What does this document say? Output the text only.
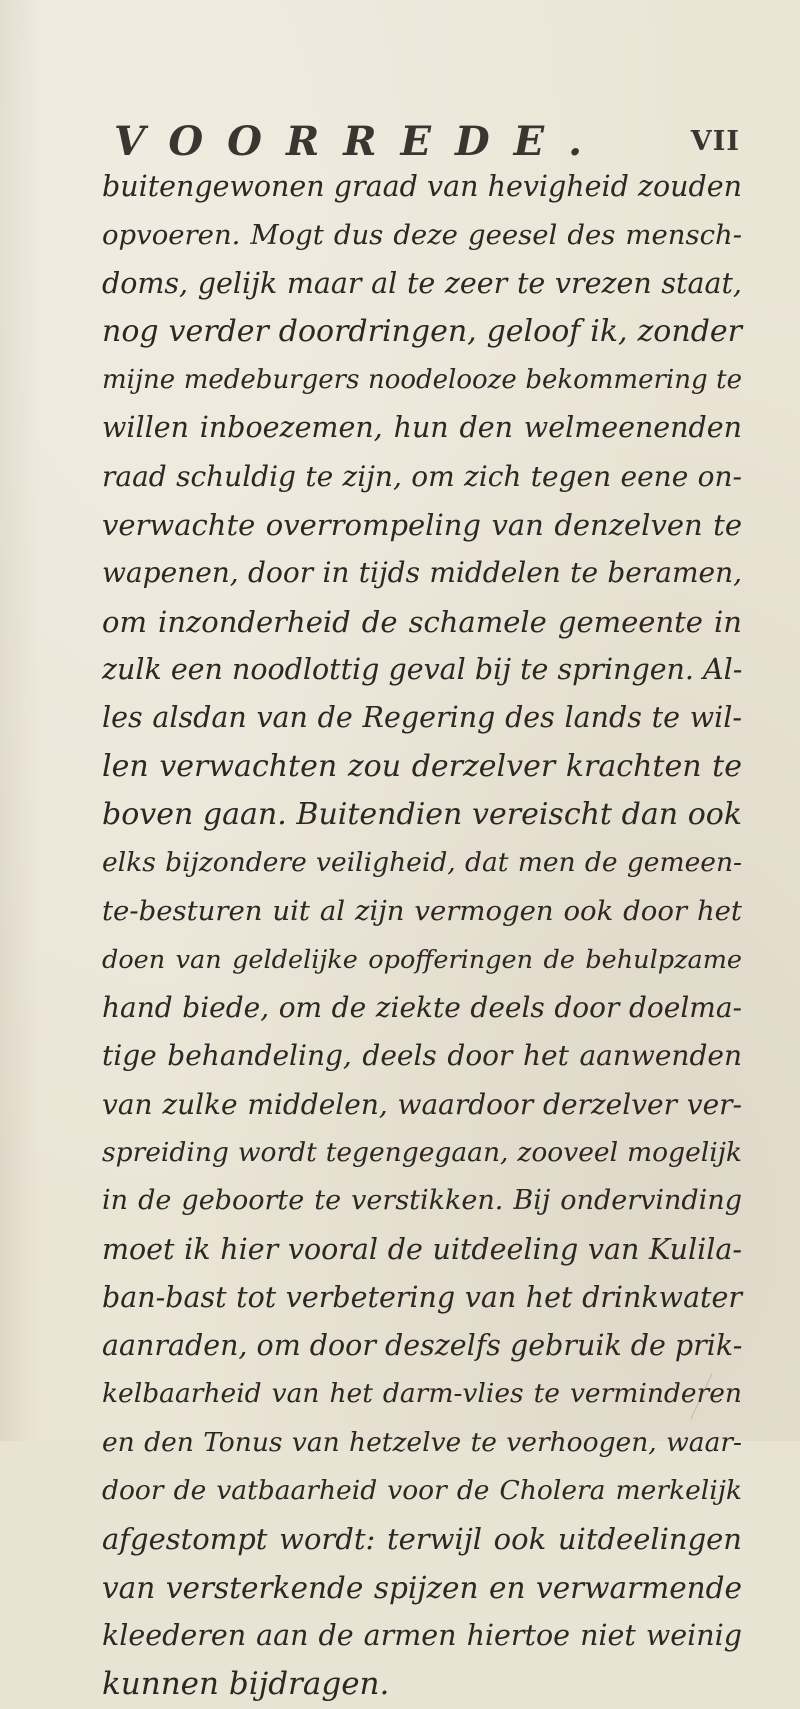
VOORREDE.	VII
buitengewonen graad van hevigheid zouden
opvoeren. Mogt dus deze geesel des mensch-
doms, gelijk maar al te zeer te vrezen staat,
nog verder doordringen, geloof ik, zonder
mijne medeburgers noodelooze bekommering te
willen inboezemen, hun den welmeenenden
raad schuldig te zijn, om zich tegen eene on-
verwachte overrompeling van denzelven te
wapenen, door in tijds middelen te beramen,
om inzonderheid de schamele gemeente in
zulk een noodlottig geval bij te springen. Al-
les alsdan van de Regering des lands te wil-
len verwachten zou derzelver krachten te
boven gaan. Buitendien vereischt dan ook
elks bijzondere veiligheid, dat men de gemeen-
te-besturen uit al zijn vermogen ook door het
doen van geldelijke opofferingen de behulpzame
hand biede, om de ziekte deels door doelma-
tige behandeling, deels door het aanwenden
van zulke middelen, waardoor derzelver ver-
spreiding wordt tegengegaan, zooveel mogelijk
in de geboorte te verstikken. Bij ondervinding
moet ik hier vooral de uitdeeling van Kulila-
ban-bast tot verbetering van het drinkwater
aanraden, om door deszelfs gebruik de prik-
kelbaarheid van het darm-vlies te verminderen
en den Tonus van hetzelve te verhoogen, waar-
door de vatbaarheid voor de Cholera merkelijk
afgestompt wordt: terwijl ook uitdeelingen
van versterkende spijzen en verwarmende
kleederen aan de armen hiertoe niet weinig
kunnen bijdragen.
